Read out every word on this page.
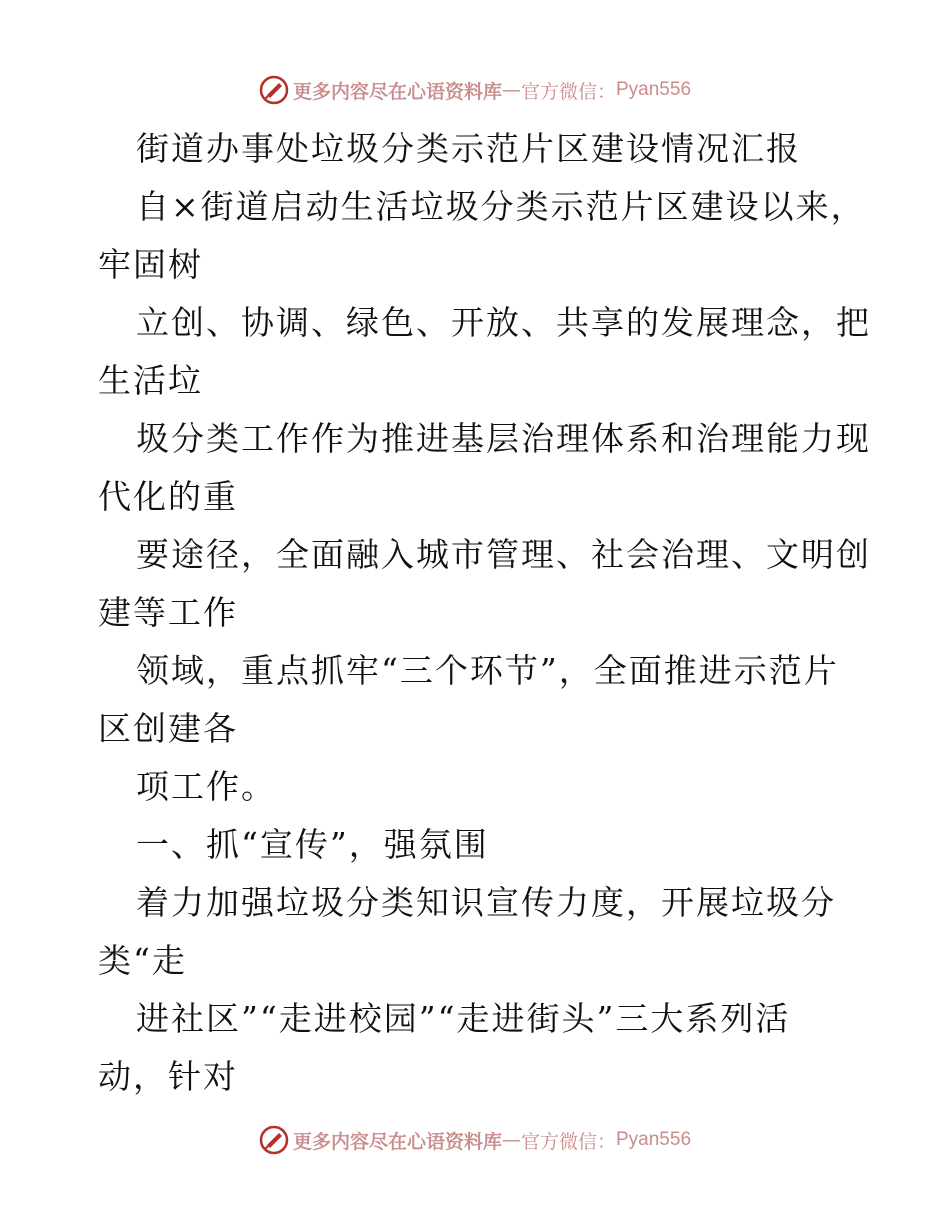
更多内容尽在心语资料库 — 官方微信： Pyan556
街道办事处垃圾分类示范片区建设情况汇报
自×街道启动生活垃圾分类示范片区建设以来，
牢固树
立创、协调、绿色、开放、共享的发展理念，把
生活垃
圾分类工作作为推进基层治理体系和治理能力现
代化的重
要途径，全面融入城市管理、社会治理、文明创
建等工作
领域，重点抓牢“三个环节”，全面推进示范片
区创建各
项工作。
一、抓“宣传”，强氛围
着力加强垃圾分类知识宣传力度，开展垃圾分
类“走
进社区”“走进校园”“走进街头”三大系列活
动，针对
更多内容尽在心语资料库 — 官方微信： Pyan556
